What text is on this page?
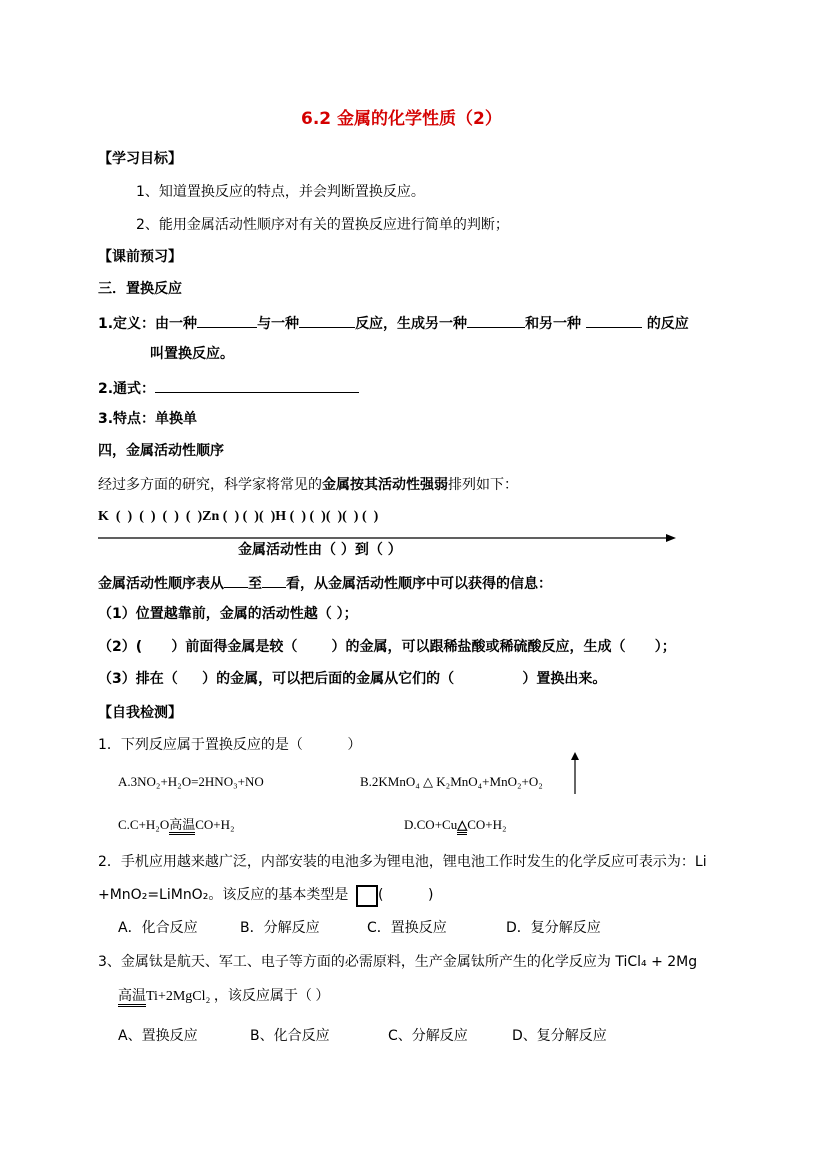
6.2 金属的化学性质（2）
【学习目标】
1、知道置换反应的特点，并会判断置换反应。
2、能用金属活动性顺序对有关的置换反应进行简单的判断；
【课前预习】
三．置换反应
1.定义：由一种	与一种	反应，生成另一种	和另一种	的反应
叫置换反应。
2.通式：
3.特点：单换单
四，金属活动性顺序
经过多方面的研究，科学家将常见的金属按其活动性强弱排列如下：
K  (  )  (  )  (  )  (  )Zn (  ) (  )(  )H (  ) (  )(  )(  ) (  )
金属活动性由（ ）到（ ）
金属活动性顺序表从 至 看，从金属活动性顺序中可以获得的信息：
（1）位置越靠前，金属的活动性越（ ）；
（2）(      ）前面得金属是较（       ）的金属，可以跟稀盐酸或稀硫酸反应，生成（      ）；
（3）排在（     ）的金属，可以把后面的金属从它们的（              ）置换出来。
【自我检测】
1．下列反应属于置换反应的是（          ）
A.3NO₂+H₂O=2HNO₃+NO	B.2KMnO₄ △ K₂MnO₄+MnO₂+O₂
C.C+H₂O高温CO+H₂	D.CO+Cu△CO+H₂
2．手机应用越来越广泛，内部安装的电池多为锂电池，锂电池工作时发生的化学反应可表示为：Li
+MnO₂=LiMnO₂。该反应的基本类型是 (          )
A．化合反应	B．分解反应	C．置换反应	D．复分解反应
3、金属钛是航天、军工、电子等方面的必需原料，生产金属钛所产生的化学反应为 TiCl₄ + 2Mg
高温Ti+2MgCl₂ ，该反应属于（ ）
A、置换反应	B、化合反应	C、分解反应	D、复分解反应
